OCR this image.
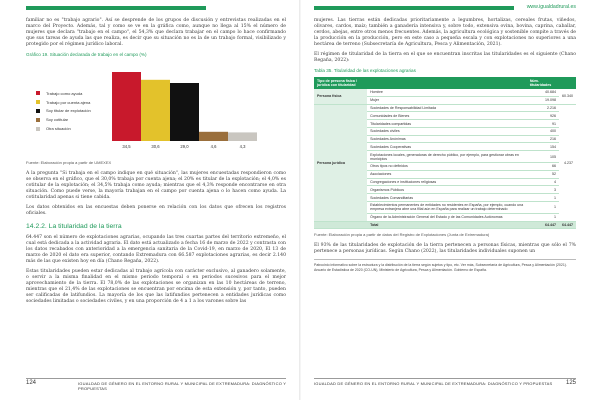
familiar no es "trabajo agrario". Así se desprende de los grupos de discusión y entrevistas realizadas en el marco del Proyecto. Además, tal y como se ve en la gráfica como, aunque no llega al 15% el número de mujeres que declara "trabajo en el campo", el 54,3% que declara trabajar en el campo lo hace confirmando que sus tareas de ayuda las que realiza, es decir que su situación no es la de un trabajo formal, visibilizado y protegido por el régimen jurídico laboral.

Gráfico 19. Situación declarada de trabajo en el campo (%)
Trabajo como ayuda
Trabajo por cuenta ajena
Soy titular de explotación
Soy cotitular
Otra situación
34,5	30,6	29,0	4,6	4,3
Fuente: Elaboración propia a partir de UMEXEX

A la pregunta "Si trabaja en el campo indique en qué situación", las mujeres encuestadas respondieron como se observa en el gráfico, que el 30,0% trabaja por cuenta ajena; el 20% es titular de la explotación; el 4,0% es cotitular de la explotación; el 34,5% trabaja como ayuda; mientras que el 4,3% responde encontrarse en otra situación. Como puede verse, la mayoría trabajan en el campo por cuenta ajena o lo hacen como ayuda. La cotitularidad apenas si tiene cabida.

Los datos obtenidos en las encuestas deben ponerse en relación con los datos que ofrecen los registros oficiales.

14.2.2. La titularidad de la tierra

64.447 son el número de explotaciones agrarias, ocupando las tres cuartas partes del territorio extremeño, el cual está dedicada a la actividad agraria. El dato está actualizado a fecha 16 de marzo de 2022 y contrasta con los datos recabados con anterioridad a la emergencia sanitaria de la Covid-19, en marzo de 2020, El 13 de marzo de 2020 el dato era superior, contando Extremadura con 66.587 explotaciones agrarias, es decir 2.140 más de las que existen hoy en día (Chano Regaña, 2022).

Estas titularidades pueden estar dedicadas al trabajo agrícola con carácter exclusivo, al ganadero solamente, o servir a la misma finalidad en el mismo periodo temporal o en periodos sucesivos para el mejor aprovechamiento de la tierra. El 78,0% de las explotaciones se organizan en las 10 hectáreas de terreno, mientras que el 21,4% de las explotaciones se encuentran por encima de esta extensión y, por tanto, pueden ser calificadas de latifundios. La mayoría de los que las latifundios pertenecen a entidades jurídicas como sociedades limitadas o sociedades civiles, y en una proporción de 4 a 1 a los varones sobre las

124	IGUALDAD DE GÉNERO EN EL ENTORNO RURAL Y MUNICIPAL DE EXTREMADURA: DIAGNÓSTICO Y PROPUESTAS
www.igualdadrural.es

mujeres. Las tierras están dedicadas prioritariamente a legumbres, hortalizas, cereales frutas, viñedos, olivares, cardos, maíz; también a ganadería intensiva y, sobre todo, extensiva ovina, bovina, caprina, caballar, cerdos, abejas, entre otros menos frecuentes. Además, la agricultura ecológica y sostenible compite a través de la producción en la producción, pero en este caso a pequeña escala y con explotaciones no superiores a una hectárea de terreno (Subsecretaría de Agricultura, Pesca y Alimentación, 2021).

El régimen de titularidad de la tierra en el que se encuentran inscritas las titularidades es el siguiente (Chano Regaña, 2022):

Tabla 35. Titularidad de las explotaciones agrarias
Tipo de persona física / jurídica con titularidad		Núm. titularidades	
Persona física	Hombre	40.684	60.340
	Mujer	19.098	
Persona jurídica	Sociedades de Responsabilidad Limitada	2.216	4.237
	Comunidades de Bienes	926	
	Titularidades compartidas	91	
	Sociedades civiles	400	
	Sociedades Anónimas	216	
	Sociedades Cooperativas	154	
	Explotaciones locales, generadoras de derecho público, por ejemplo, para gestionar obras en municipios	105	
	Otros tipos no definidos	66	
	Asociaciones	52	
	Congregaciones e instituciones religiosas	4	
	Organismos Públicos	3	
	Sociedades Comanditarias	1	
	Establecimientos permanentes de entidades no residentes en España, por ejemplo, cuando una empresa extranjera abre una filial aún en España para realizar un trabajo determinado	1	
	Órgano de la Administración General del Estado y de las Comunidades Autónomas	1	
	Total	64.447	64.447
Fuente: Elaboración propia a partir de datos del Registro de Explotaciones (Junta de Extremadura)

El 93% de las titularidades de explotación de la tierra pertenecen a personas físicas, mientras que sólo el 7% pertenece a personas jurídicas. Según Chano (2022), las titularidades individuales suponen un

Patrocinio informativo sobre la estructura y la distribución de la tierra según sujetos y tipo, etc. Ver más, Subsecretaría de Agricultura, Pesca y Alimentación (2021). Anuario de Estadística de 2020 (CO-UN), Ministerio de Agricultura, Pesca y Alimentación. Gobierno de España.
IGUALDAD DE GÉNERO EN EL ENTORNO RURAL Y MUNICIPAL DE EXTREMADURA: DIAGNÓSTICO Y PROPUESTAS 125
